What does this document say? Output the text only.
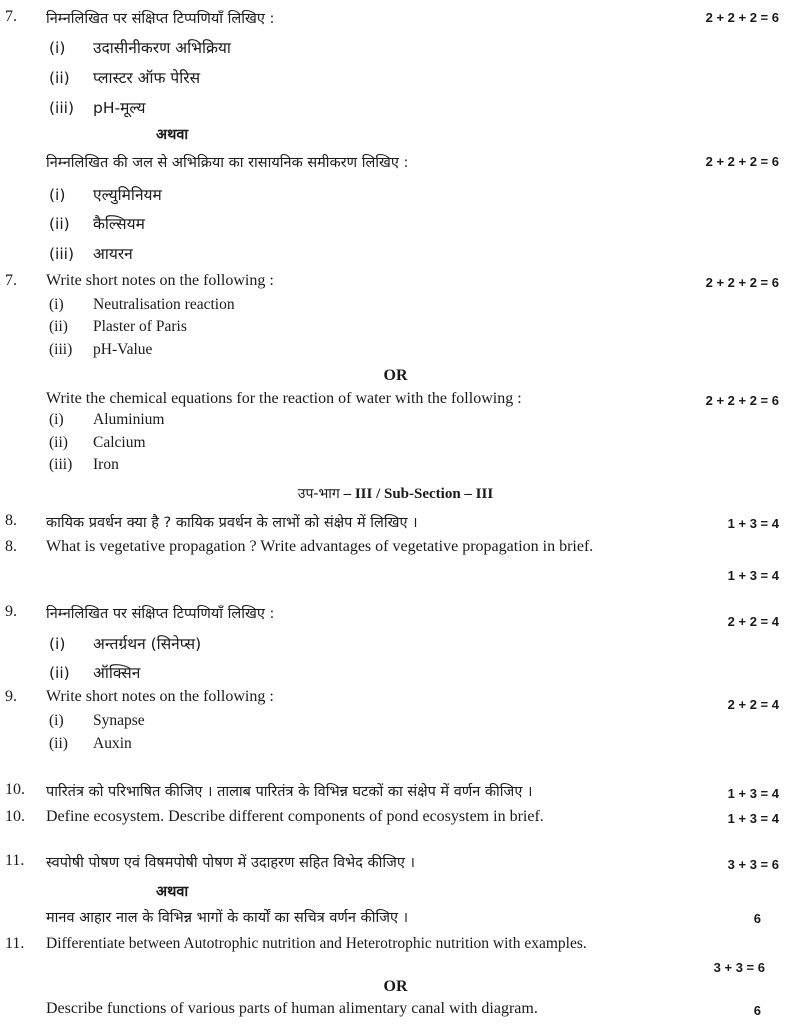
7. निम्नलिखित पर संक्षिप्त टिप्पणियाँ लिखिए :	2 + 2 + 2 = 6
(i) उदासीनीकरण अभिक्रिया
(ii) प्लास्टर ऑफ पेरिस
(iii) pH-मूल्य
अथवा
निम्नलिखित की जल से अभिक्रिया का रासायनिक समीकरण लिखिए :	2 + 2 + 2 = 6
(i) एल्युमिनियम
(ii) कैल्सियम
(iii) आयरन
7. Write short notes on the following :	2 + 2 + 2 = 6
(i) Neutralisation reaction
(ii) Plaster of Paris
(iii) pH-Value
OR
Write the chemical equations for the reaction of water with the following :	2 + 2 + 2 = 6
(i) Aluminium
(ii) Calcium
(iii) Iron
उप-भाग – III / Sub-Section – III
8. कायिक प्रवर्धन क्या है ? कायिक प्रवर्धन के लाभों को संक्षेप में लिखिए ।	1 + 3 = 4
8. What is vegetative propagation ? Write advantages of vegetative propagation in brief.
1 + 3 = 4
9. निम्नलिखित पर संक्षिप्त टिप्पणियाँ लिखिए :	2 + 2 = 4
(i) अन्तर्ग्रथन (सिनेप्स)
(ii) ऑक्सिन
9. Write short notes on the following :	2 + 2 = 4
(i) Synapse
(ii) Auxin
10. पारितंत्र को परिभाषित कीजिए । तालाब पारितंत्र के विभिन्न घटकों का संक्षेप में वर्णन कीजिए ।	1 + 3 = 4
10. Define ecosystem. Describe different components of pond ecosystem in brief.	1 + 3 = 4
11. स्वपोषी पोषण एवं विषमपोषी पोषण में उदाहरण सहित विभेद कीजिए ।	3 + 3 = 6
अथवा
मानव आहार नाल के विभिन्न भागों के कार्यों का सचित्र वर्णन कीजिए ।	6
11. Differentiate between Autotrophic nutrition and Heterotrophic nutrition with examples.
3 + 3 = 6
OR
Describe functions of various parts of human alimentary canal with diagram.	6
